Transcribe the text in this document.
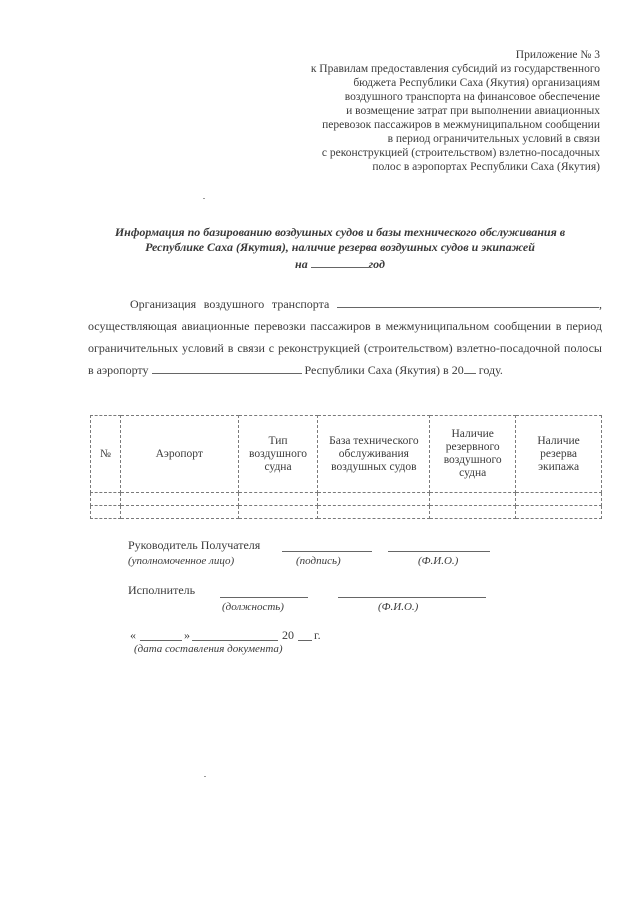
Приложение № 3
к Правилам предоставления субсидий из государственного
бюджета Республики Саха (Якутия) организациям
воздушного транспорта на финансовое обеспечение
и возмещение затрат при выполнении авиационных
перевозок пассажиров в межмуниципальном сообщении
в период ограничительных условий в связи
с реконструкцией (строительством) взлетно-посадочных
полос в аэропортах Республики Саха (Якутия)
Информация по базированию воздушных судов и базы технического обслуживания в
Республике Саха (Якутия), наличие резерва воздушных судов и экипажей
на	год
Организация воздушного транспорта	, осуществляющая авиационные перевозки пассажиров в межмуниципальном сообщении в период ограничительных условий в связи с реконструкцией (строительством) взлетно-посадочной полосы в аэропорту	Республики Саха (Якутия) в 20 году.
№	Аэропорт	Тип воздушного судна	База технического обслуживания воздушных судов	Наличие резервного воздушного судна	Наличие резерва экипажа

Руководитель Получателя
(уполномоченное лицо)	(подпись)	(Ф.И.О.)
Исполнитель
(должность)	(Ф.И.О.)
«	»	20 г.
(дата составления документа)
